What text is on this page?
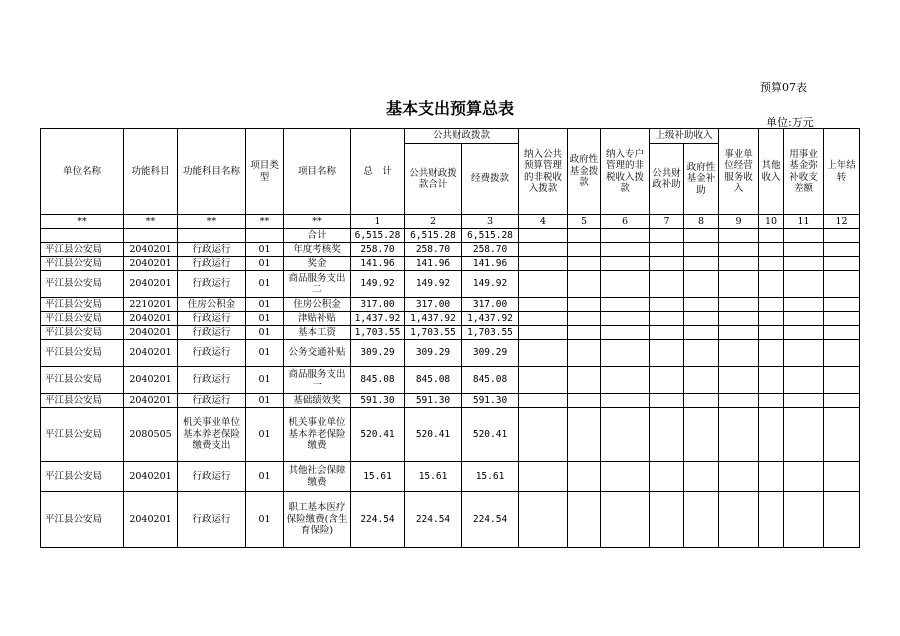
预算07表
基本支出预算总表
单位:万元
单位名称	功能科目	功能科目名称	项目类型	项目名称	总　计	公共财政拨款		纳入公共预算管理的非税收入拨款	政府性基金拨款	纳入专户管理的非税收入拨款	上级补助收入		事业单位经营服务收入	其他收入	用事业基金弥补收支差额	上年结转
						公共财政拨款合计	经费拨款				公共财政补助	政府性基金补助				
**	**	**	**	**	1	2	3	4	5	6	7	8	9	10	11	12
				合计	6,515.28	6,515.28	6,515.28									
平江县公安局	2040201	行政运行	01	年度考核奖	258.70	258.70	258.70									
平江县公安局	2040201	行政运行	01	奖金	141.96	141.96	141.96									
平江县公安局	2040201	行政运行	01	商品服务支出二	149.92	149.92	149.92									
平江县公安局	2210201	住房公积金	01	住房公积金	317.00	317.00	317.00									
平江县公安局	2040201	行政运行	01	津贴补贴	1,437.92	1,437.92	1,437.92									
平江县公安局	2040201	行政运行	01	基本工资	1,703.55	1,703.55	1,703.55									
平江县公安局	2040201	行政运行	01	公务交通补贴	309.29	309.29	309.29									
平江县公安局	2040201	行政运行	01	商品服务支出一	845.08	845.08	845.08									
平江县公安局	2040201	行政运行	01	基础绩效奖	591.30	591.30	591.30									
平江县公安局	2080505	机关事业单位基本养老保险缴费支出	01	机关事业单位基本养老保险缴费	520.41	520.41	520.41									
平江县公安局	2040201	行政运行	01	其他社会保障缴费	15.61	15.61	15.61									
平江县公安局	2040201	行政运行	01	职工基本医疗保险缴费(含生育保险)	224.54	224.54	224.54									
